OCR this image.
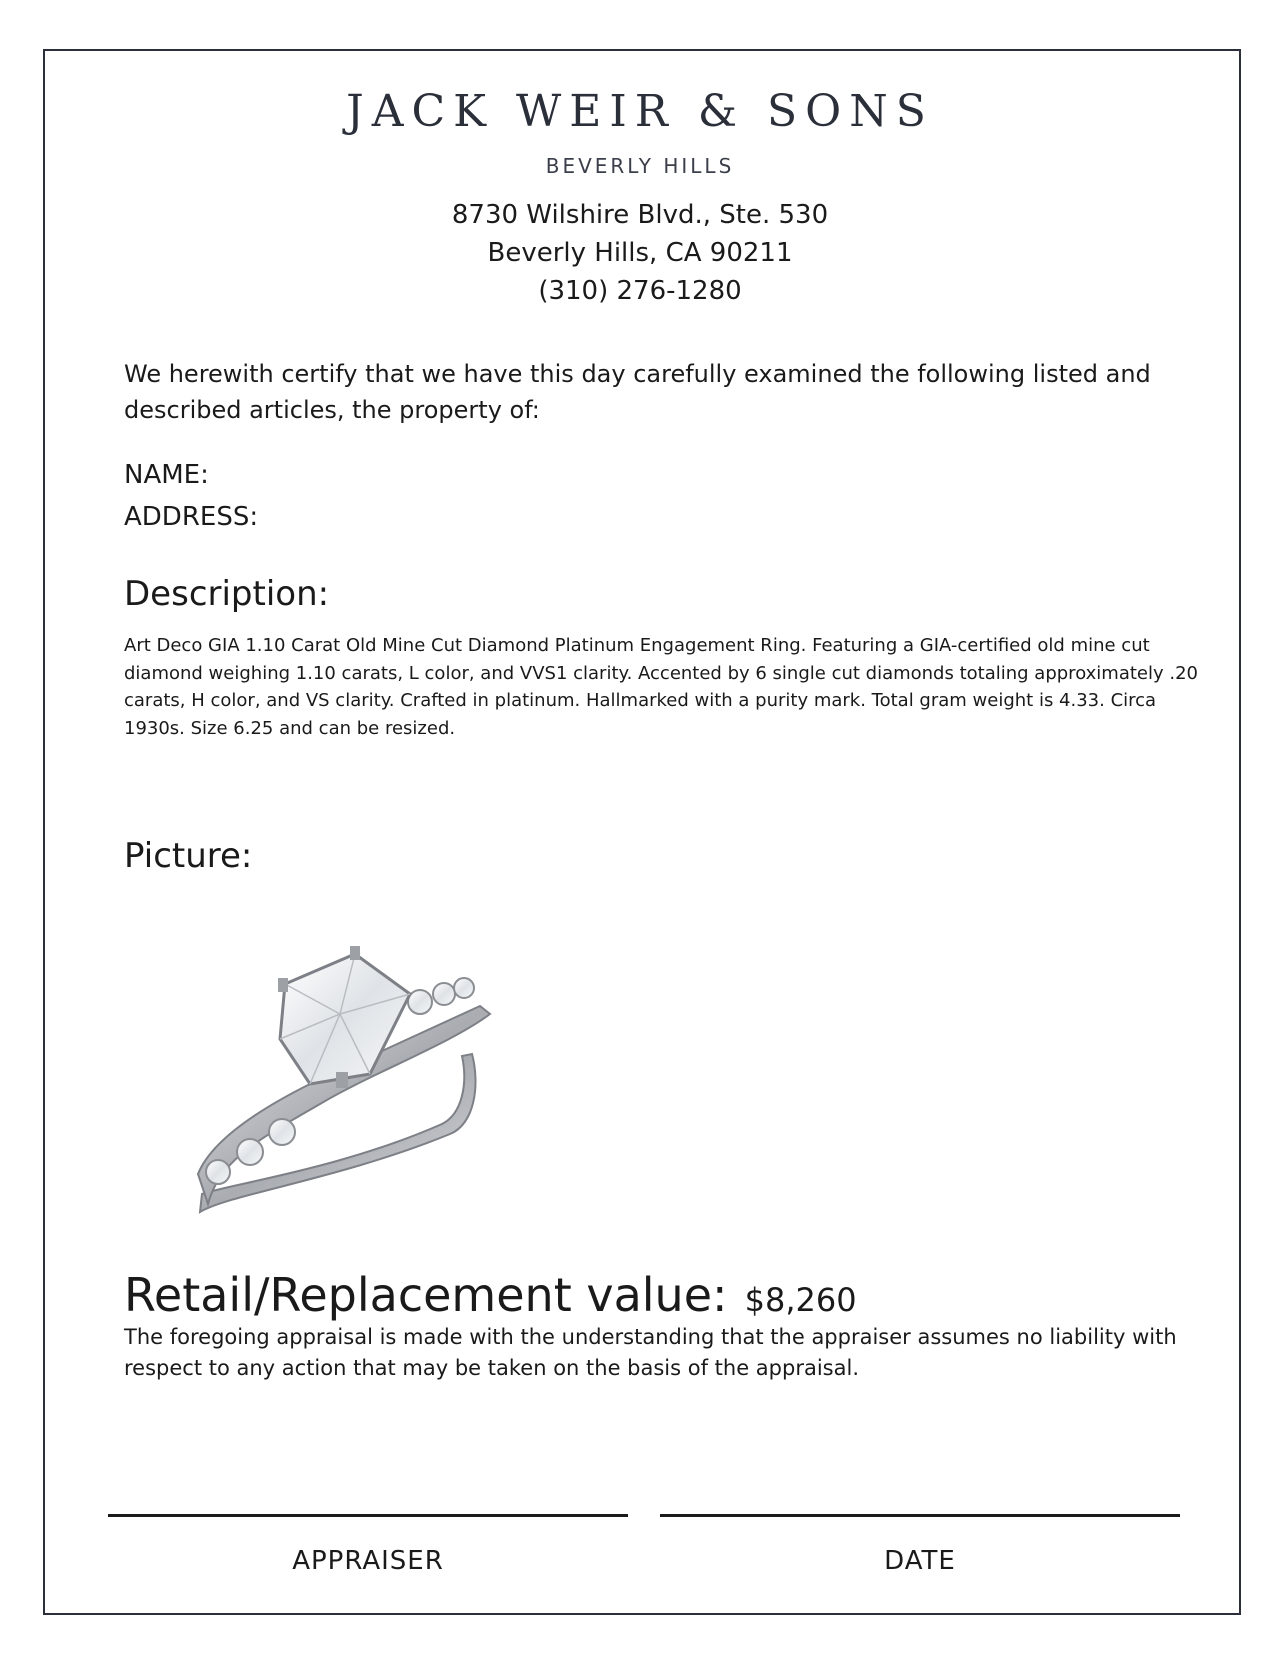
JACK WEIR & SONS
BEVERLY HILLS
8730 Wilshire Blvd., Ste. 530
Beverly Hills, CA 90211
(310) 276-1280
We herewith certify that we have this day carefully examined the following listed and described articles, the property of:
NAME:
ADDRESS:
Description:
Art Deco GIA 1.10 Carat Old Mine Cut Diamond Platinum Engagement Ring. Featuring a GIA-certified old mine cut diamond weighing 1.10 carats, L color, and VVS1 clarity. Accented by 6 single cut diamonds totaling approximately .20 carats, H color, and VS clarity. Crafted in platinum. Hallmarked with a purity mark. Total gram weight is 4.33. Circa 1930s. Size 6.25 and can be resized.
Picture:
Retail/Replacement value: $8,260
The foregoing appraisal is made with the understanding that the appraiser assumes no liability with respect to any action that may be taken on the basis of the appraisal.
APPRAISER	DATE
